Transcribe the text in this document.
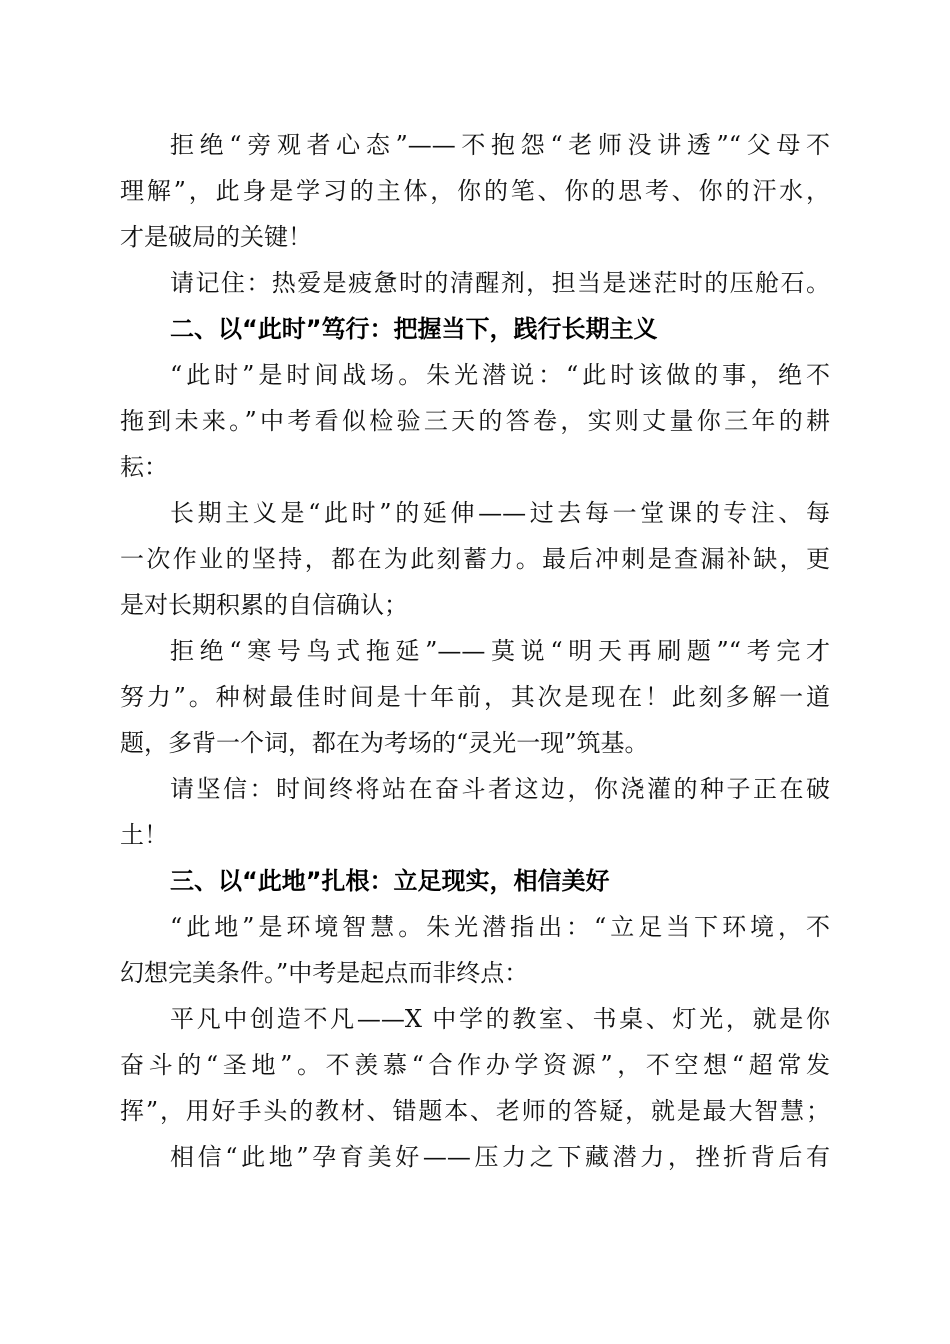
拒绝“旁观者心态”——不抱怨“老师没讲透”“父母不
理解”，此身是学习的主体，你的笔、你的思考、你的汗水，
才是破局的关键！
请记住：热爱是疲惫时的清醒剂，担当是迷茫时的压舱石。
二、以“此时”笃行：把握当下，践行长期主义
“此时”是时间战场。朱光潜说：“此时该做的事，绝不
拖到未来。”中考看似检验三天的答卷，实则丈量你三年的耕
耘：
长期主义是“此时”的延伸——过去每一堂课的专注、每
一次作业的坚持，都在为此刻蓄力。最后冲刺是查漏补缺，更
是对长期积累的自信确认；
拒绝“寒号鸟式拖延”——莫说“明天再刷题”“考完才
努力”。种树最佳时间是十年前，其次是现在！此刻多解一道
题，多背一个词，都在为考场的“灵光一现”筑基。
请坚信：时间终将站在奋斗者这边，你浇灌的种子正在破
土！
三、以“此地”扎根：立足现实，相信美好
“此地”是环境智慧。朱光潜指出：“立足当下环境，不
幻想完美条件。”中考是起点而非终点：
平凡中创造不凡——X 中学的教室、书桌、灯光，就是你
奋斗的“圣地”。不羡慕“合作办学资源”，不空想“超常发
挥”，用好手头的教材、错题本、老师的答疑，就是最大智慧；
相信“此地”孕育美好——压力之下藏潜力，挫折背后有
